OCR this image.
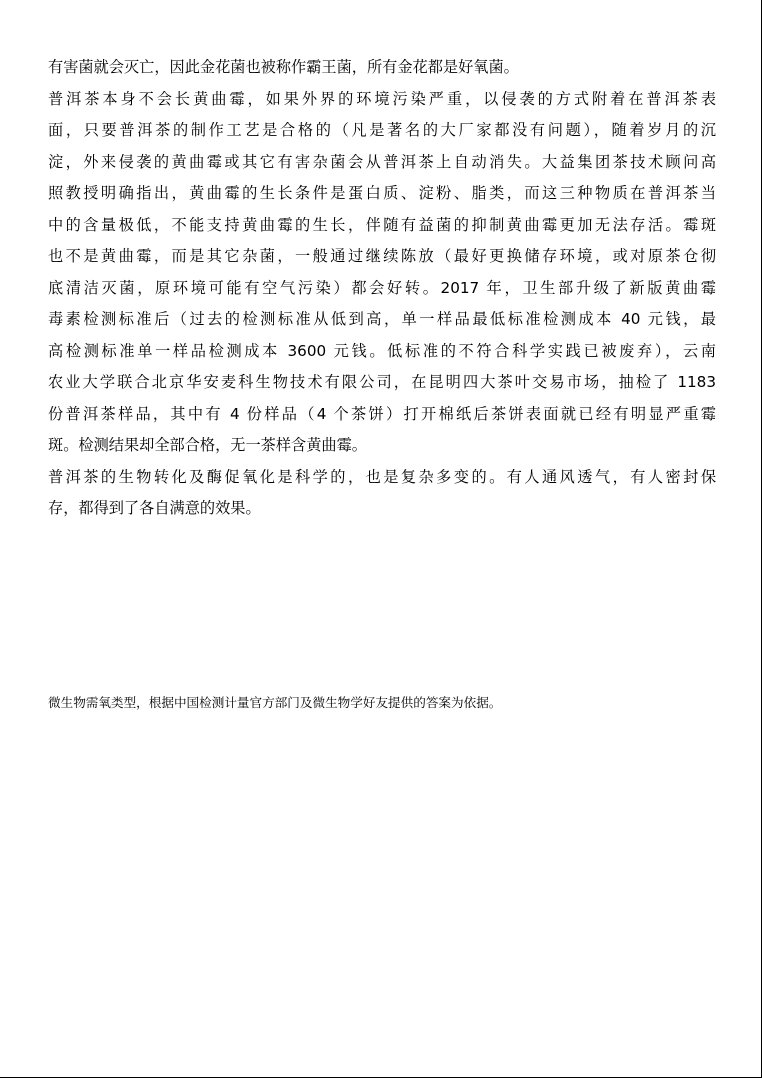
有害菌就会灭亡，因此金花菌也被称作霸王菌，所有金花都是好氧菌。
普洱茶本身不会长黄曲霉，如果外界的环境污染严重，以侵袭的方式附着在普洱茶表
面，只要普洱茶的制作工艺是合格的（凡是著名的大厂家都没有问题），随着岁月的沉
淀，外来侵袭的黄曲霉或其它有害杂菌会从普洱茶上自动消失。大益集团茶技术顾问高
照教授明确指出，黄曲霉的生长条件是蛋白质、淀粉、脂类，而这三种物质在普洱茶当
中的含量极低，不能支持黄曲霉的生长，伴随有益菌的抑制黄曲霉更加无法存活。霉斑
也不是黄曲霉，而是其它杂菌，一般通过继续陈放（最好更换储存环境，或对原茶仓彻
底清洁灭菌，原环境可能有空气污染）都会好转。2017 年，卫生部升级了新版黄曲霉
毒素检测标准后（过去的检测标准从低到高，单一样品最低标准检测成本 40 元钱，最
高检测标准单一样品检测成本 3600 元钱。低标准的不符合科学实践已被废弃），云南
农业大学联合北京华安麦科生物技术有限公司，在昆明四大茶叶交易市场，抽检了 1183
份普洱茶样品，其中有 4 份样品（4 个茶饼）打开棉纸后茶饼表面就已经有明显严重霉
斑。检测结果却全部合格，无一茶样含黄曲霉。
普洱茶的生物转化及酶促氧化是科学的，也是复杂多变的。有人通风透气，有人密封保
存，都得到了各自满意的效果。
微生物需氧类型，根据中国检测计量官方部门及微生物学好友提供的答案为依据。
